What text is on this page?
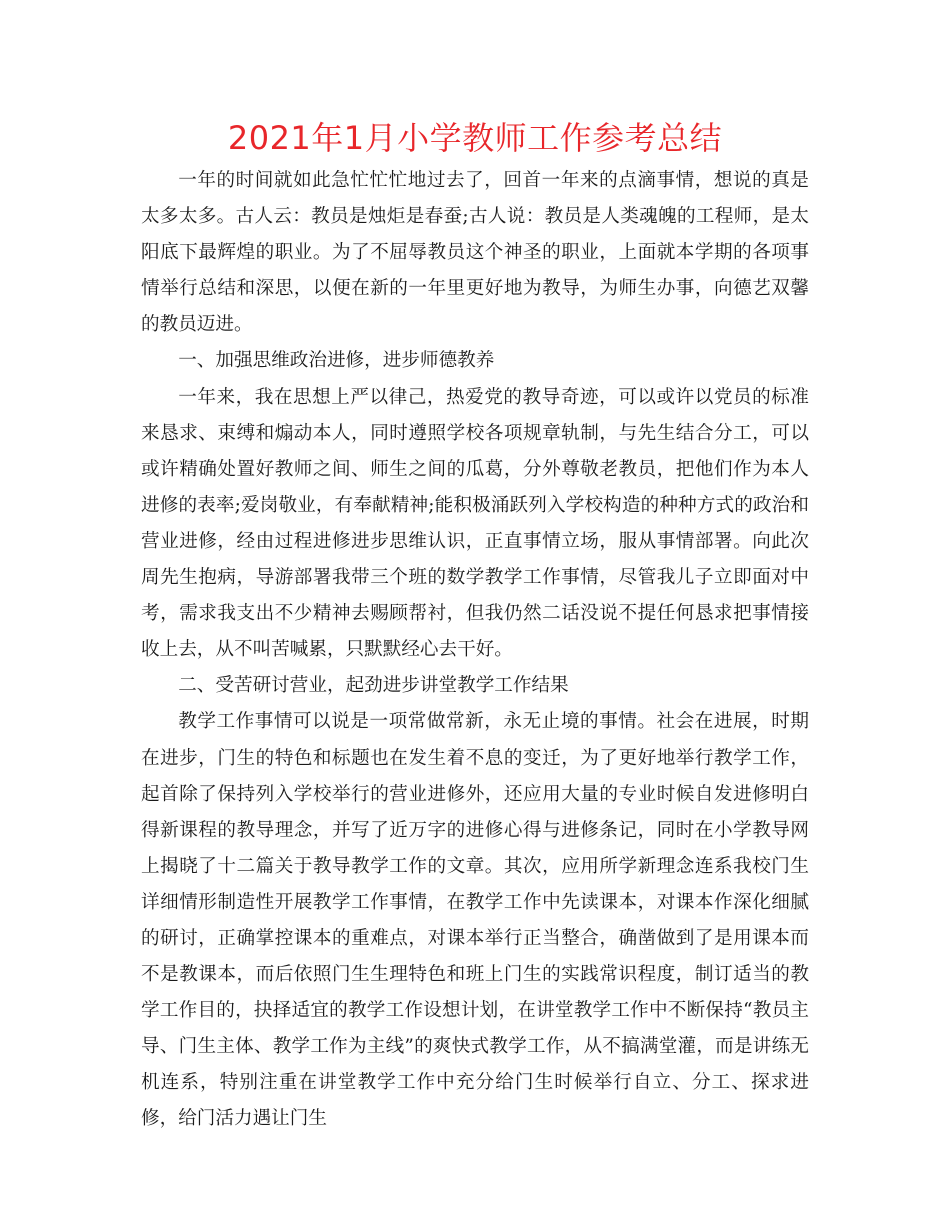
2021年1月小学教师工作参考总结

一年的时间就如此急忙忙忙地过去了，回首一年来的点滴事情，想说的真是太多太多。古人云：教员是烛炬是春蚕;古人说：教员是人类魂魄的工程师，是太阳底下最辉煌的职业。为了不屈辱教员这个神圣的职业，上面就本学期的各项事情举行总结和深思，以便在新的一年里更好地为教导，为师生办事，向德艺双馨的教员迈进。

一、加强思维政治进修，进步师德教养

一年来，我在思想上严以律己，热爱党的教导奇迹，可以或许以党员的标准来恳求、束缚和煽动本人，同时遵照学校各项规章轨制，与先生结合分工，可以或许精确处置好教师之间、师生之间的瓜葛，分外尊敬老教员，把他们作为本人进修的表率;爱岗敬业，有奉献精神;能积极涌跃列入学校构造的种种方式的政治和营业进修，经由过程进修进步思维认识，正直事情立场，服从事情部署。向此次周先生抱病，导游部署我带三个班的数学教学工作事情，尽管我儿子立即面对中考，需求我支出不少精神去赐顾帮衬，但我仍然二话没说不提任何恳求把事情接收上去，从不叫苦喊累，只默默经心去干好。

二、受苦研讨营业，起劲进步讲堂教学工作结果

教学工作事情可以说是一项常做常新，永无止境的事情。社会在进展，时期在进步，门生的特色和标题也在发生着不息的变迁，为了更好地举行教学工作，起首除了保持列入学校举行的营业进修外，还应用大量的专业时候自发进修明白得新课程的教导理念，并写了近万字的进修心得与进修条记，同时在小学教导网上揭晓了十二篇关于教导教学工作的文章。其次，应用所学新理念连系我校门生详细情形制造性开展教学工作事情，在教学工作中先读课本，对课本作深化细腻的研讨，正确掌控课本的重难点，对课本举行正当整合，确凿做到了是用课本而不是教课本，而后依照门生生理特色和班上门生的实践常识程度，制订适当的教学工作目的，抉择适宜的教学工作设想计划，在讲堂教学工作中不断保持“教员主导、门生主体、教学工作为主线”的爽快式教学工作，从不搞满堂灌，而是讲练无机连系，特别注重在讲堂教学工作中充分给门生时候举行自立、分工、探求进修，给门活力遇让门生
